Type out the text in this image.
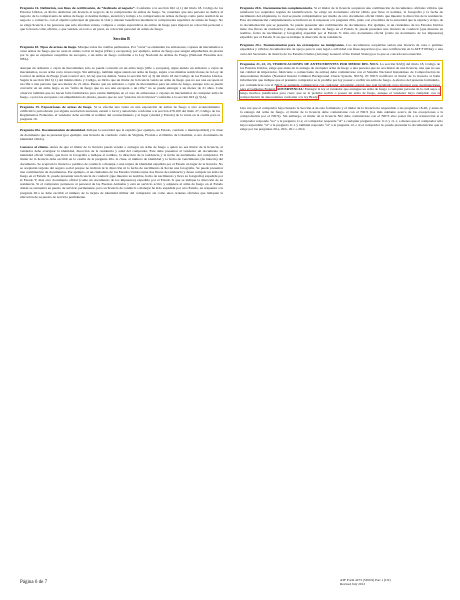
Pregunta 16. Definición, con fines de certificación, de “dedicado al negocio”. Conforme a la sección 922 a) 1) del título 18, Código de los Estados Unidos, es ilícito dedicarse sin licencia al negocio de la compraventa de armas de fuego. Se considera que una persona se dedica al negocio de la compraventa de armas de fuego si destina tiempo, atención y trabajo a la compraventa de armas de fuego como parte normal de su negocio o comercio, con el objetivo principal de ganarse la vida y obtener beneficios mediante la compraventa repetitiva de armas de fuego. No se exige licencia a las personas que sólo efectúan ventas, compras o canjes esporádicos de armas de fuego para mejorar su colección personal o que lo hacen como afición, o que venden, en todo o en parte, su colección personal de armas de fuego.

Sección B

Pregunta 18. Tipos de armas de fuego. Marque todas las casillas pertinentes. Por “otras” se entienden los armazones, cajones de mecanismos u otras armas de fuego que no sean ni armas cortas ni largas (rifles y escopetas); por ejemplo, armas de fuego que tengan empuñadura de pistola por la que se expulsen casquillos de escopeta, o un arma de fuego conforme a la Ley Nacional de Armas de Fuego (National Firearms Act, NFA).

Aunque un armazón o cajón de mecanismos sólo se pueda convertir en un arma larga (rifle o escopeta), sigue siendo un armazón o cajón de mecanismos, no un arma corta ni una larga. Sin embargo, también sigue siendo un arma de fuego, sujeta a las mismas restricciones de la Ley de Control de Armas de Fuego (Gun Control Act, GCA) que las demás. Vease la sección 921 a) 3) del título 18 del Código de los Estados Unidos. Según la sección 922 b) 1) del mismo título y Código, es ilícito que un titular de la licencia venda un arma de fuego que no sea una escopeta ni un rifle a una persona que sea menor de 21 años. Puesto que un armazón o cajón de mecanismos para un arma de fuego, aunque sólo se pueda convertir en un arma larga, es un “arma de fuego que no sea una escopeta o un rifle,” no se puede entregar a un menor de 21 años. Cabe observar también que no hacen falta formularios para ventas múltiples en el caso de armazones o cajones de mecanismos de cualquier arma de fuego, o para las escopetas con empuñadura de pistola, puesto que no son “pistolas ni revólveres” conforme a la sección 923 g) 3) A).

Pregunta 19. Exposiciones de armas de fuego. Si se efectúa una venta en una exposición de armas de fuego u otro acontecimiento calificativo patrocinado por alguna asociación nacional, estatal o local y autorizado conforme a la sección 478.100 del título 27, Código de los Reglamentos Federales, el vendedor debe escribir el nombre del acontecimiento y el lugar (ciudad y Estado) de la venta en la casilla para la pregunta 19.

Pregunta 20a. Documentación de identidad. Indique la autoridad que la expidió (por ejemplo, un Estado, condado o municipalidad) y la clase de documento que se presenta (por ejemplo, una licencia de conducir, como de Virginia, Florida o el Distrito de Columbia, u otro documento de identidad válido).

Conozca al cliente. Antes de que el titular de la licencia pueda vender o entregar un arma de fuego a quien no sea titular de la licencia, el vendedor debe averiguar la identidad, dirección de la residencia y edad del comprador. Este debe presentar al vendedor un documento de identidad oficial válido, que lleve la fotografía e indique el nombre, la dirección de la residencia y la fecha de nacimiento del comprador. El titular de la licencia debe escribir en la casilla de la pregunta 20a. la clase, el número de identidad y la fecha de vencimiento (de haberla) del documento. Se aceptará la licencia o permiso de conducir o manejar o una tarjeta de identidad expedida por el Estado en lugar de la licencia. No se aceptarán tarjetas del seguro social porque no indican ni la dirección ni la fecha de nacimiento ni llevan una fotografía. Se puede presentar una combinación de documentos. Por ejemplo, si un ciudadano de los Estados Unidos tiene dos fincas de residencia y desea comprar un arma de fuego en el Estado X, puede presentar una licencia de conducir (que muestre su nombre, fecha de nacimiento y lleva su fotografía) expedida por el Estado Y, más otro documento oficial (como un documento de los impuestos) expedido por el Estado X que se indique la dirección de su residencia. Si el comprador pertenece al personal de las Fuerzas Armadas y está en servicio activo y adquiere el arma de fuego en el Estado donde se encuentra su puesto de servicio permanente, pero su licencia de conducir o manejar ha sido expedida por otro Estado, en respuesta a la pregunta 20.a se debe escribir el número de la tarjeta de identidad militar del comprador así como unos órdenes oficiales que indiquen la ubicación de su puesto de servicio permanente.

Pregunta 20.b. Documentación complementaria. Si el titular de la licencia aceptaran una combinación de documentos oficiales válidos que satisfacen los requisitos legales de identificación. Se exige un documento oficial válido que lleve el nombre, la fotografía y la fecha de nacimiento del adquirente, lo cual se puede complementar por medio de otro documento oficial válido que muestre la dirección de la residencia. Esta documentación complementaria se indicará en la respuesta a la pregunta 20.b, junto con el nombre de la autoridad que la expide y el tipo de la documentación que se presenta. Se puede presentar una combinación de documentos. Por ejemplo, si un ciudadano de los Estados Unidos tiene dos fincas de residencia y desea comprar un arma de fuego en el Estado X, puede presentar una licencia de conducir (que muestre su nombre, fecha de nacimiento y fotografía) expedida por el Estado Y, más otro documento oficial (como un documento de los impuestos) expedido por el Estado X en que se indique la dirección de su residencia.

Pregunta 20.c. Documentación para los extranjeros no inmigrantes. Los documentos aceptables serían una licencia de caza o permiso expedidos y válidos; documentación de apoyo para la caza legal o actividad con fines deportivos (i.e. una certificación en la ATF F 6NIA); o una carta del Secretario de Justicia de los Estados Unidos (Attorney General of the United States) por la que se conceda una exención.

Preguntas 21, 22, 23, VERIFICACIONES DE ANTECEDENTES POR MEDIO DEL NICS. La sección 922(t) del título 18, Código de los Estados Unidos, exige que antes de la entrega de cualquier arma de fuego a una persona que no sea titular de una licencia, una que no sea tan calidad de importador, fabricante o comerciante de armas) debe comunicarse con el Sistema Nacional Instantáneo de Comprobación de Antecedentes Penales (National Instant Criminal Background Check System, NICS). El NICS notificará al titular de la licencia si halla información que indique que el presunto comprador se le prohíbe por ley poseer o recibir un arma de fuego. A efectos del presente formulario, por comunicarse con el NICS se entiende comunicarse con cualquier organismo estatal que esté facultado para efectuar esas averiguaciones para el Gobierno Federal. ADVERTENCIA: Entregar la ley al vendedor que entregue un arma de fuego a cualquier persona de la cual sepa, o tenga motivos justificados para creer, que se le prohibe recibir o poseer un arma de fuego, aunque el vendedor haya cumplido con la comprobación de antecedentes conforme a la ley Brady.

Una vez que el comprador haya llenado la Sección A de este formulario y el titular de la licencia ha respondido a las preguntas 18-20, y antes de la entrega del arma de fuego, el titular de la licencia debe comunicarse con el NICS (los más adelante acerca de las excepciones a la comprobación por el NICS). Sin embargo, el titular de la licencia NO debe comunicarse con el NICS sino poner fin a la transacción si el comprador responde “no” a la pregunta 11.a; el comprador responde “sí” a cualquier pregunta entre 11.b y 11.1, a menos que el comprador sólo haya respondido “sí” a la pregunta 11.1 y también responda “sí” a la pregunta 12, o si el comprador no puede presentar la documentación que se exige por las preguntas 20.a, 20.b, 20.c o 20.d.

Página 6 de 7	ATF Form 4473 (5300.9) Part 1 (US)
Revised July 2012
